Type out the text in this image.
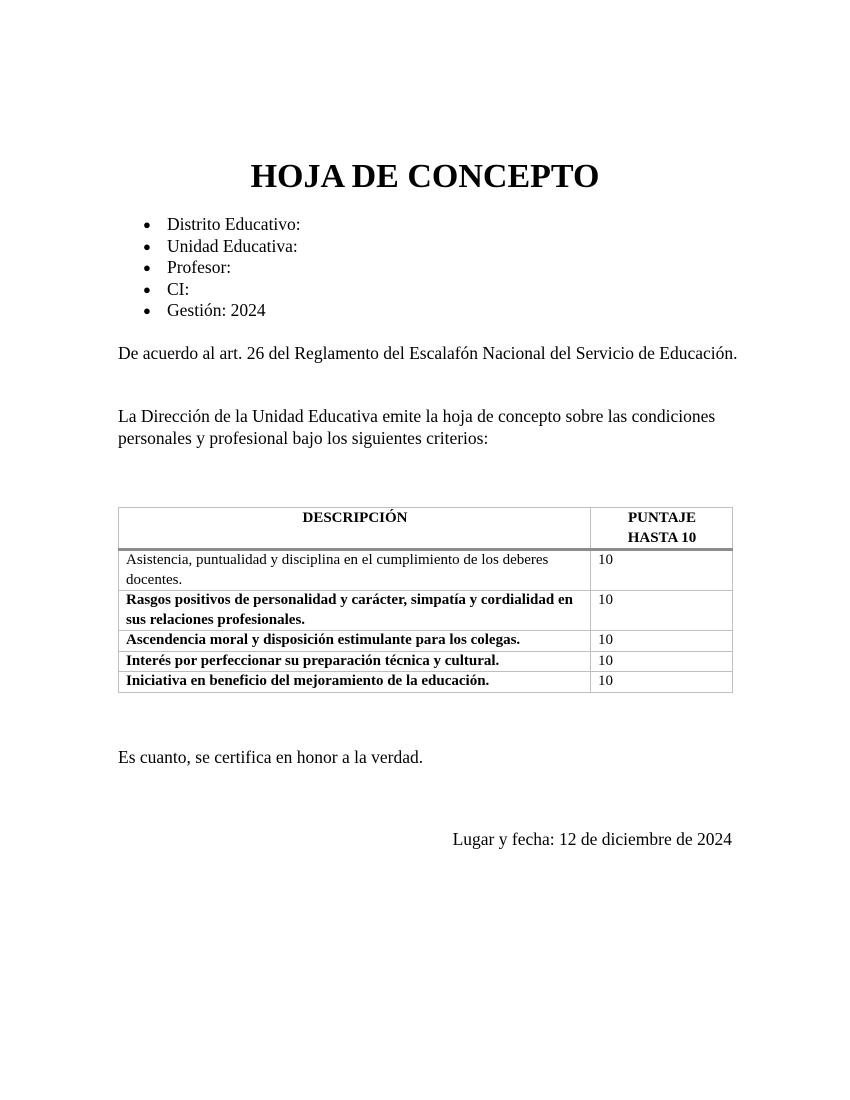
HOJA DE CONCEPTO
● Distrito Educativo:
● Unidad Educativa:
● Profesor:
● CI:
● Gestión: 2024

De acuerdo al art. 26 del Reglamento del Escalafón Nacional del Servicio de Educación.

La Dirección de la Unidad Educativa emite la hoja de concepto sobre las condiciones personales y profesional bajo los siguientes criterios:

DESCRIPCIÓN	PUNTAJE
HASTA 10
Asistencia, puntualidad y disciplina en el cumplimiento de los deberes docentes.	10
Rasgos positivos de personalidad y carácter, simpatía y cordialidad en sus relaciones profesionales.	10
Ascendencia moral y disposición estimulante para los colegas.	10
Interés por perfeccionar su preparación técnica y cultural.	10
Iniciativa en beneficio del mejoramiento de la educación.	10

Es cuanto, se certifica en honor a la verdad.

Lugar y fecha: 12 de diciembre de 2024
